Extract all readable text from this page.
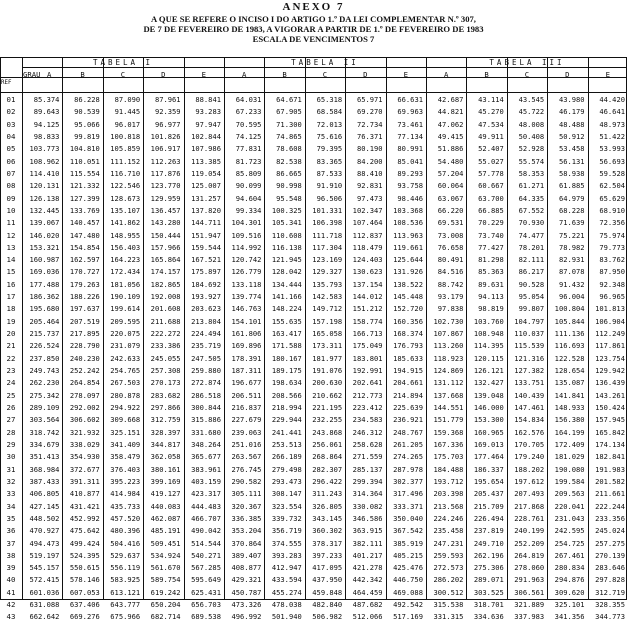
ANEXO 7
A QUE SE REFERE O INCISO I DO ARTIGO 1.º DA LEI COMPLEMENTAR N.º 307,
DE 7 DE FEVEREIRO DE 1983, A VIGORAR A PARTIR DE 1.º DE FEVEREIRO DE 1983
ESCALA DE VENCIMENTOS 7
REF
GRAU
TABELA I
A	B	C	D	E
TABELA II
A	B	C	D	E
TABELA III
A	B	C	D	E
01	85.374	86.228	87.090	87.961	88.841	64.031	64.671	65.318	65.971	66.631	42.687	43.114	43.545	43.980	44.420
02	89.643	90.539	91.445	92.359	93.283	67.233	67.905	68.584	69.270	69.963	44.821	45.270	45.722	46.179	46.641
03	94.125	95.066	96.017	96.977	97.947	70.595	71.300	72.013	72.734	73.461	47.062	47.534	48.008	48.488	48.973
04	98.833	99.819	100.818	101.826	102.844	74.125	74.865	75.616	76.371	77.134	49.415	49.911	50.408	50.912	51.422
05	103.773	104.810	105.859	106.917	107.986	77.831	78.608	79.395	80.190	80.991	51.886	52.407	52.928	53.458	53.993
06	108.962	110.051	111.152	112.263	113.385	81.723	82.538	83.365	84.200	85.041	54.480	55.027	55.574	56.131	56.693
07	114.410	115.554	116.710	117.876	119.054	85.809	86.665	87.533	88.410	89.293	57.204	57.778	58.353	58.938	59.528
08	120.131	121.332	122.546	123.770	125.007	90.099	90.998	91.910	92.831	93.758	60.064	60.667	61.271	61.885	62.504
09	126.138	127.399	128.673	129.959	131.257	94.604	95.548	96.506	97.473	98.446	63.067	63.700	64.335	64.979	65.629
10	132.445	133.769	135.107	136.457	137.820	99.334	100.325	101.331	102.347	103.368	66.220	66.885	67.552	68.228	68.910
11	139.067	140.457	141.862	143.280	144.711	104.301	105.341	106.398	107.464	108.536	69.531	70.229	70.930	71.639	72.356
12	146.020	147.480	148.955	150.444	151.947	109.516	110.608	111.718	112.837	113.963	73.008	73.740	74.477	75.221	75.974
13	153.321	154.854	156.403	157.966	159.544	114.992	116.138	117.304	118.479	119.661	76.658	77.427	78.201	78.982	79.773
14	160.987	162.597	164.223	165.864	167.521	120.742	121.945	123.169	124.403	125.644	80.491	81.298	82.111	82.931	83.762
15	169.036	170.727	172.434	174.157	175.897	126.779	128.042	129.327	130.623	131.926	84.516	85.363	86.217	87.078	87.950
16	177.488	179.263	181.056	182.865	184.692	133.118	134.444	135.793	137.154	138.522	88.742	89.631	90.528	91.432	92.348
17	186.362	188.226	190.109	192.008	193.927	139.774	141.166	142.583	144.012	145.448	93.179	94.113	95.054	96.004	96.965
18	195.680	197.637	199.614	201.608	203.623	146.763	148.224	149.712	151.212	152.720	97.838	98.819	99.807	100.804	101.813
19	205.464	207.519	209.595	211.688	213.804	154.101	155.635	157.198	158.774	160.356	102.730	103.760	104.797	105.844	106.904
20	215.737	217.895	220.075	222.272	224.494	161.806	163.417	165.058	166.713	168.374	107.867	108.948	110.037	111.136	112.249
21	226.524	228.790	231.079	233.386	235.719	169.896	171.588	173.311	175.049	176.793	113.260	114.395	115.539	116.693	117.861
22	237.850	240.230	242.633	245.055	247.505	178.391	180.167	181.977	183.801	185.633	118.923	120.115	121.316	122.528	123.754
23	249.743	252.242	254.765	257.308	259.880	187.311	189.175	191.076	192.991	194.915	124.869	126.121	127.382	128.654	129.942
24	262.230	264.854	267.503	270.173	272.874	196.677	198.634	200.630	202.641	204.661	131.112	132.427	133.751	135.087	136.439
25	275.342	278.097	280.878	283.682	286.518	206.511	208.566	210.662	212.773	214.894	137.668	139.048	140.439	141.841	143.261
26	289.109	292.002	294.922	297.866	300.844	216.837	218.994	221.195	223.412	225.639	144.551	146.000	147.461	148.933	150.424
27	303.564	306.602	309.668	312.759	315.886	227.679	229.944	232.255	234.583	236.921	151.779	153.300	154.834	156.380	157.945
28	318.742	321.932	325.151	328.397	331.680	239.063	241.441	243.868	246.312	248.767	159.368	160.965	162.576	164.199	165.842
29	334.679	338.029	341.409	344.817	348.264	251.016	253.513	256.061	258.628	261.205	167.336	169.013	170.705	172.409	174.134
30	351.413	354.930	358.479	362.058	365.677	263.567	266.189	268.864	271.559	274.265	175.703	177.464	179.240	181.029	182.841
31	368.984	372.677	376.403	380.161	383.961	276.745	279.498	282.307	285.137	287.978	184.488	186.337	188.202	190.080	191.983
32	387.433	391.311	395.223	399.169	403.159	290.582	293.473	296.422	299.394	302.377	193.712	195.654	197.612	199.584	201.582
33	406.805	410.877	414.984	419.127	423.317	305.111	308.147	311.243	314.364	317.496	203.398	205.437	207.493	209.563	211.661
34	427.145	431.421	435.733	440.083	444.483	320.367	323.554	326.805	330.082	333.371	213.568	215.709	217.868	220.041	222.244
35	448.502	452.992	457.520	462.087	466.707	336.385	339.732	343.145	346.586	350.040	224.246	226.494	228.761	231.043	233.356
36	470.927	475.642	480.396	485.191	490.042	353.204	356.719	360.302	363.915	367.542	235.458	237.819	240.199	242.595	245.024
37	494.473	499.424	504.416	509.451	514.544	370.864	374.555	378.317	382.111	385.919	247.231	249.710	252.209	254.725	257.275
38	519.197	524.395	529.637	534.924	540.271	389.407	393.283	397.233	401.217	405.215	259.593	262.196	264.819	267.461	270.139
39	545.157	550.615	556.119	561.670	567.285	408.877	412.947	417.095	421.278	425.476	272.573	275.306	278.060	280.834	283.646
40	572.415	578.146	583.925	589.754	595.649	429.321	433.594	437.950	442.342	446.750	286.202	289.071	291.963	294.876	297.828
41	601.036	607.053	613.121	619.242	625.431	450.787	455.274	459.848	464.459	469.088	300.512	303.525	306.561	309.620	312.719
42	631.088	637.406	643.777	650.204	656.703	473.326	478.038	482.840	487.682	492.542	315.538	318.701	321.889	325.101	328.355
43	662.642	669.276	675.966	682.714	689.538	496.992	501.940	506.982	512.066	517.169	331.315	334.636	337.983	341.356	344.773
